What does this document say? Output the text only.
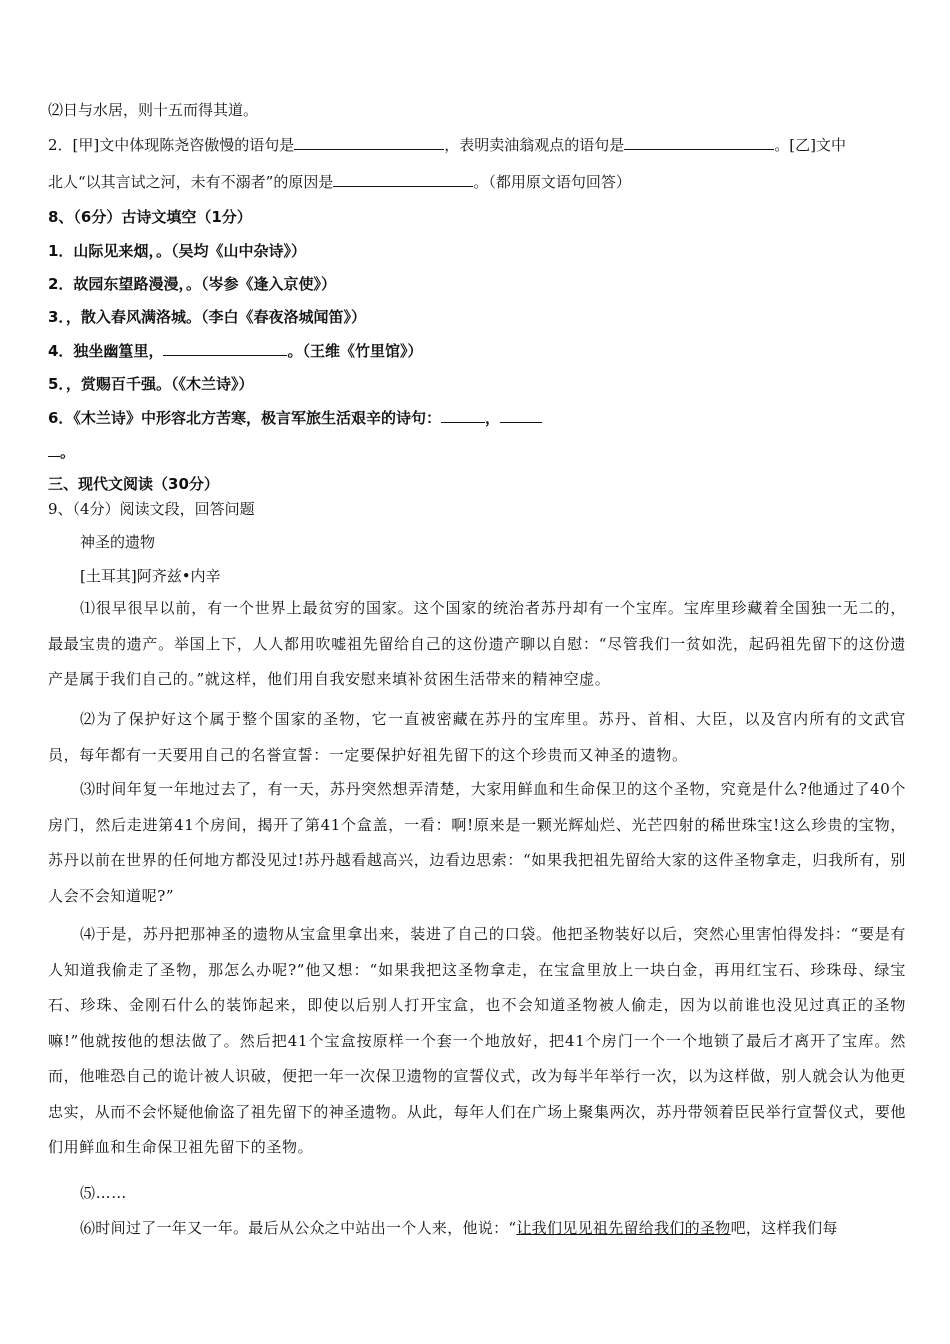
⑵日与水居，则十五而得其道。
2．[甲]文中体现陈尧咨傲慢的语句是	，表明卖油翁观点的语句是	。[乙]文中
北人“以其言试之河，未有不溺者”的原因是	。（都用原文语句回答）
8、（6分）古诗文填空（1分）
1．山际见来烟，。（吴均《山中杂诗》）
2．故园东望路漫漫，。（岑参《逢入京使》）
3．，散入春风满洛城。（李白《春夜洛城闻笛》）
4．独坐幽篁里，	。（王维《竹里馆》）
5．，赏赐百千强。（《木兰诗》）
6．《木兰诗》中形容北方苦寒，极言军旅生活艰辛的诗句：	，
。
三、现代文阅读（30分）
9、（4分）阅读文段，回答问题
神圣的遗物
[土耳其]阿齐兹•内辛
⑴很早很早以前，有一个世界上最贫穷的国家。这个国家的统治者苏丹却有一个宝库。宝库里珍藏着全国独一无二的，最最宝贵的遗产。举国上下，人人都用吹嘘祖先留给自己的这份遗产聊以自慰：“尽管我们一贫如洗，起码祖先留下的这份遗产是属于我们自己的。”就这样，他们用自我安慰来填补贫困生活带来的精神空虚。
⑵为了保护好这个属于整个国家的圣物，它一直被密藏在苏丹的宝库里。苏丹、首相、大臣，以及宫内所有的文武官员，每年都有一天要用自己的名誉宣誓：一定要保护好祖先留下的这个珍贵而又神圣的遗物。
⑶时间年复一年地过去了，有一天，苏丹突然想弄清楚，大家用鲜血和生命保卫的这个圣物，究竟是什么?他通过了40个房门，然后走进第41个房间，揭开了第41个盒盖，一看：啊!原来是一颗光辉灿烂、光芒四射的稀世珠宝!这么珍贵的宝物，苏丹以前在世界的任何地方都没见过!苏丹越看越高兴，边看边思索：“如果我把祖先留给大家的这件圣物拿走，归我所有，别人会不会知道呢?”
⑷于是，苏丹把那神圣的遗物从宝盒里拿出来，装进了自己的口袋。他把圣物装好以后，突然心里害怕得发抖：“要是有人知道我偷走了圣物，那怎么办呢?”他又想：“如果我把这圣物拿走，在宝盒里放上一块白金，再用红宝石、珍珠母、绿宝石、珍珠、金刚石什么的装饰起来，即使以后别人打开宝盒，也不会知道圣物被人偷走，因为以前谁也没见过真正的圣物嘛!”他就按他的想法做了。然后把41个宝盒按原样一个套一个地放好，把41个房门一个一个地锁了最后才离开了宝库。然而，他唯恐自己的诡计被人识破，便把一年一次保卫遗物的宣誓仪式，改为每半年举行一次，以为这样做，别人就会认为他更忠实，从而不会怀疑他偷盗了祖先留下的神圣遗物。从此，每年人们在广场上聚集两次，苏丹带领着臣民举行宣誓仪式，要他们用鲜血和生命保卫祖先留下的圣物。
⑸……
⑹时间过了一年又一年。最后从公众之中站出一个人来，他说：“让我们见见祖先留给我们的圣物吧，这样我们每
